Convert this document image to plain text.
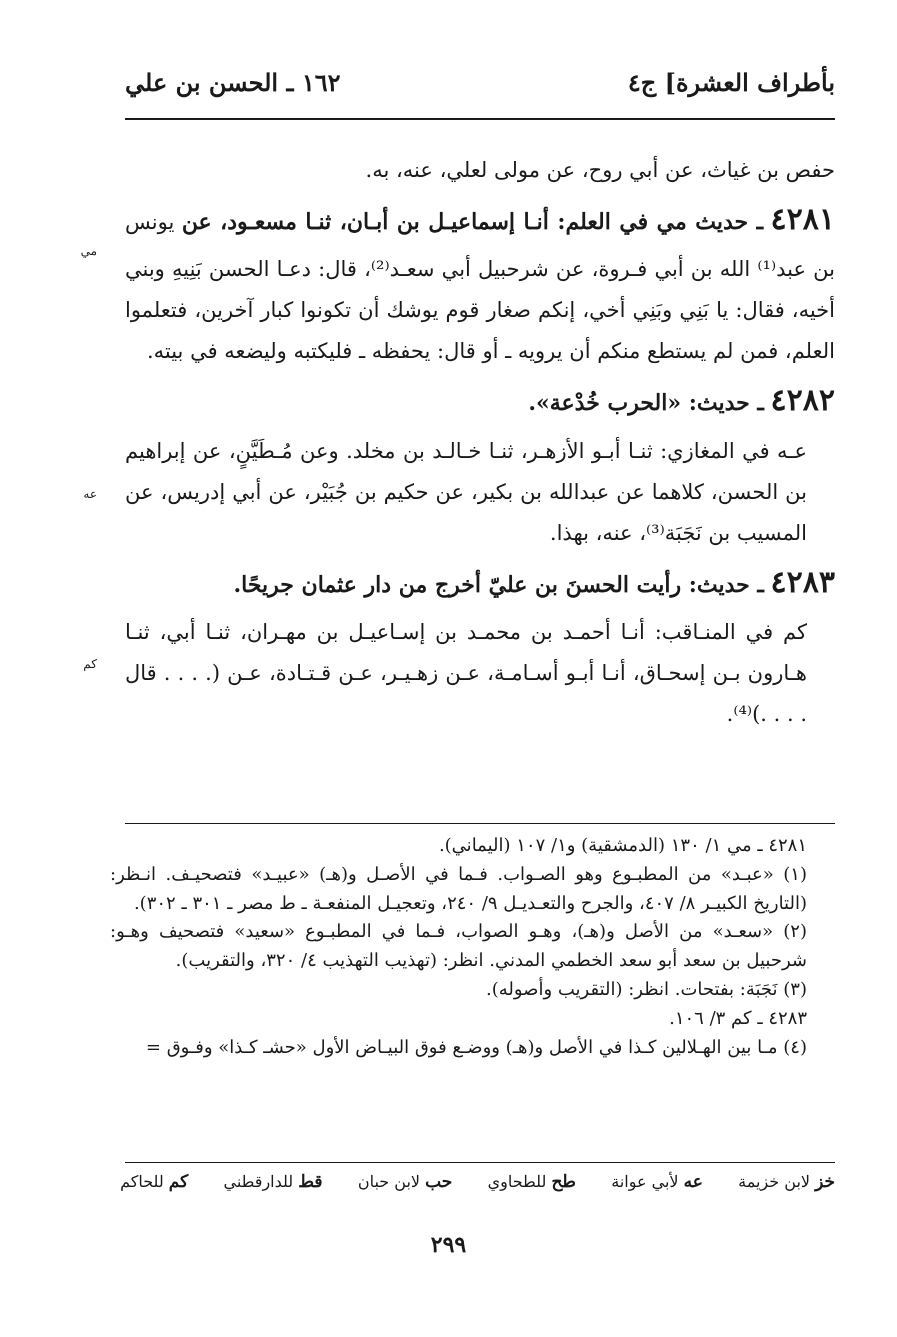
بأطراف العشرة] ج٤
١٦٢ ـ الحسن بن علي

حفص بن غياث، عن أبي روح، عن مولى لعلي، عنه، به.

٤٢٨١ ـ حديث مي في العلم: أنـا إسماعيـل بن أبـان، ثنـا مسعـود، عن يونس بن عبد⁽¹⁾ الله بن أبي فـروة، عن شرحبيل أبي سعـد⁽²⁾، قال: دعـا الحسن بَنِيهِ وبني أخيه، فقال: يا بَنِي وبَنِي أخي، إنكم صغار قوم يوشك أن تكونوا كبار آخرين، فتعلموا العلم، فمن لم يستطع منكم أن يرويه ـ أو قال: يحفظه ـ فليكتبه وليضعه في بيته.

٤٢٨٢ ـ حديث: «الحرب خُدْعة».

عـه في المغازي: ثنـا أبـو الأزهـر، ثنـا خـالـد بن مخلد. وعن مُـطَيَّنٍ، عن إبراهيم بن الحسن، كلاهما عن عبدالله بن بكير، عن حكيم بن جُبَيْر، عن أبي إدريس، عن المسيب بن نَجَبَة⁽³⁾، عنه، بهذا.

٤٢٨٣ ـ حديث: رأيت الحسنَ بن عليّ أخرج من دار عثمان جريحًا.

كم في المنـاقب: أنـا أحمـد بن محمـد بن إسـاعيـل بن مهـران، ثنـا أبي، ثنـا هـارون بـن إسحـاق، أنـا أبـو أسـامـة، عـن زهـيـر، عـن قـتـادة، عـن (. . . . قال . . . .)⁽⁴⁾.

مي
عه
كم

٤٢٨١ ـ مي ١/ ١٣٠ (الدمشقية) و١/ ١٠٧ (اليماني).

(١) «عبـد» من المطبـوع وهو الصـواب. فـما في الأصـل و(هـ) «عبيـد» فتصحيـف. انـظر: (التاريخ الكبيـر ٨/ ٤٠٧، والجرح والتعـديـل ٩/ ٢٤٠، وتعجيـل المنفعـة ـ ط مصر ـ ٣٠١ ـ ٣٠٢).

(٢) «سعـد» من الأصل و(هـ)، وهـو الصواب، فـما في المطبـوع «سعيد» فتصحيف وهـو: شرحبيل بن سعد أبو سعد الخطمي المدني. انظر: (تهذيب التهذيب ٤/ ٣٢٠، والتقريب).

(٣) نَجَبَة: بفتحات. انظر: (التقريب وأصوله).

٤٢٨٣ ـ كم ٣/ ١٠٦.

(٤) مـا بين الهـلالين كـذا في الأصل و(هـ) ووضـع فوق البيـاض الأول «حشـ كـذا» وفـوق =

خز لابن خزيمة
عه لأبي عوانة
طح للطحاوي
حب لابن حبان
قط للدارقطني
كم للحاكم
٢٩٩
